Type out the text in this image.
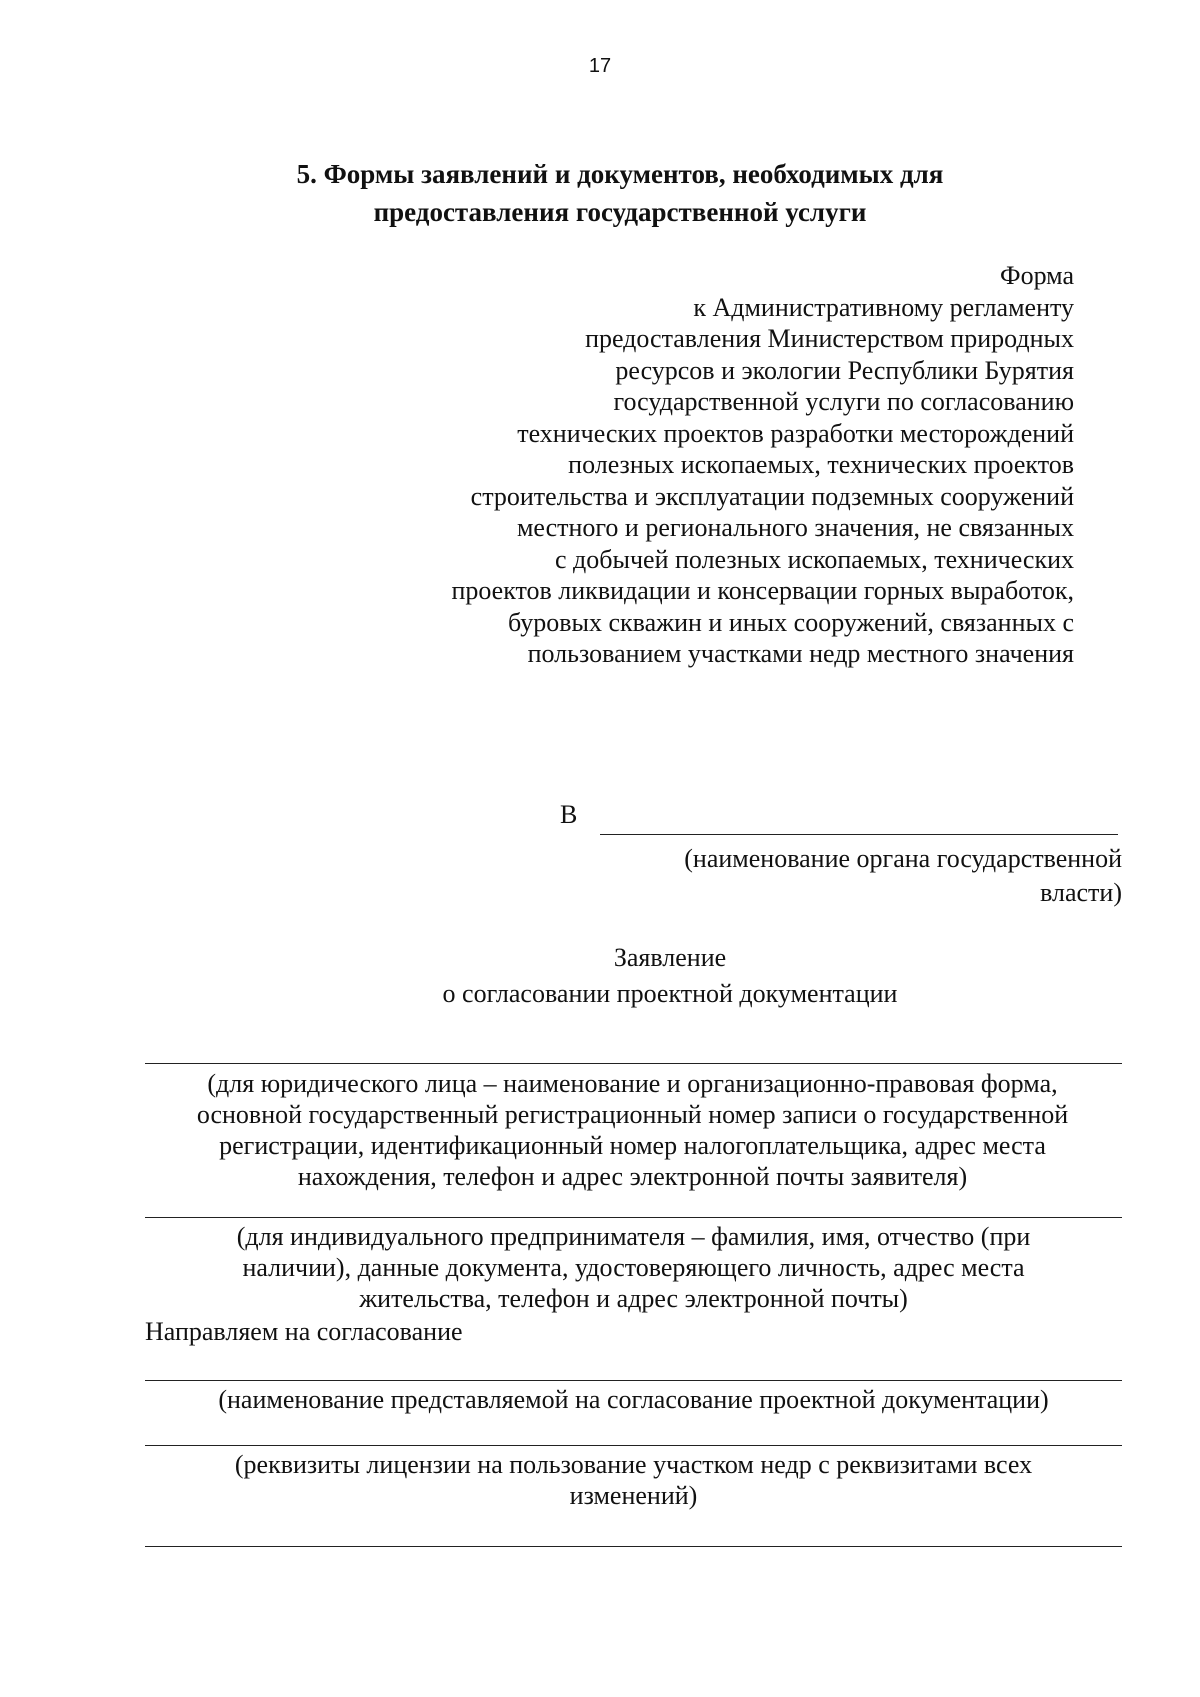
17
5. Формы заявлений и документов, необходимых для
предоставления государственной услуги
Форма
к Административному регламенту
предоставления Министерством природных
ресурсов и экологии Республики Бурятия
государственной услуги по согласованию
технических проектов разработки месторождений
полезных ископаемых, технических проектов
строительства и эксплуатации подземных сооружений
местного и регионального значения, не связанных
с добычей полезных ископаемых, технических
проектов ликвидации и консервации горных выработок,
буровых скважин и иных сооружений, связанных с
пользованием участками недр местного значения
В
(наименование органа государственной
власти)
Заявление
о согласовании проектной документации
(для юридического лица – наименование и организационно-правовая форма,
основной государственный регистрационный номер записи о государственной
регистрации, идентификационный номер налогоплательщика, адрес места
нахождения, телефон и адрес электронной почты заявителя)
(для индивидуального предпринимателя – фамилия, имя, отчество (при
наличии), данные документа, удостоверяющего личность, адрес места
жительства, телефон и адрес электронной почты)
Направляем на согласование
(наименование представляемой на согласование проектной документации)
(реквизиты лицензии на пользование участком недр с реквизитами всех
изменений)
